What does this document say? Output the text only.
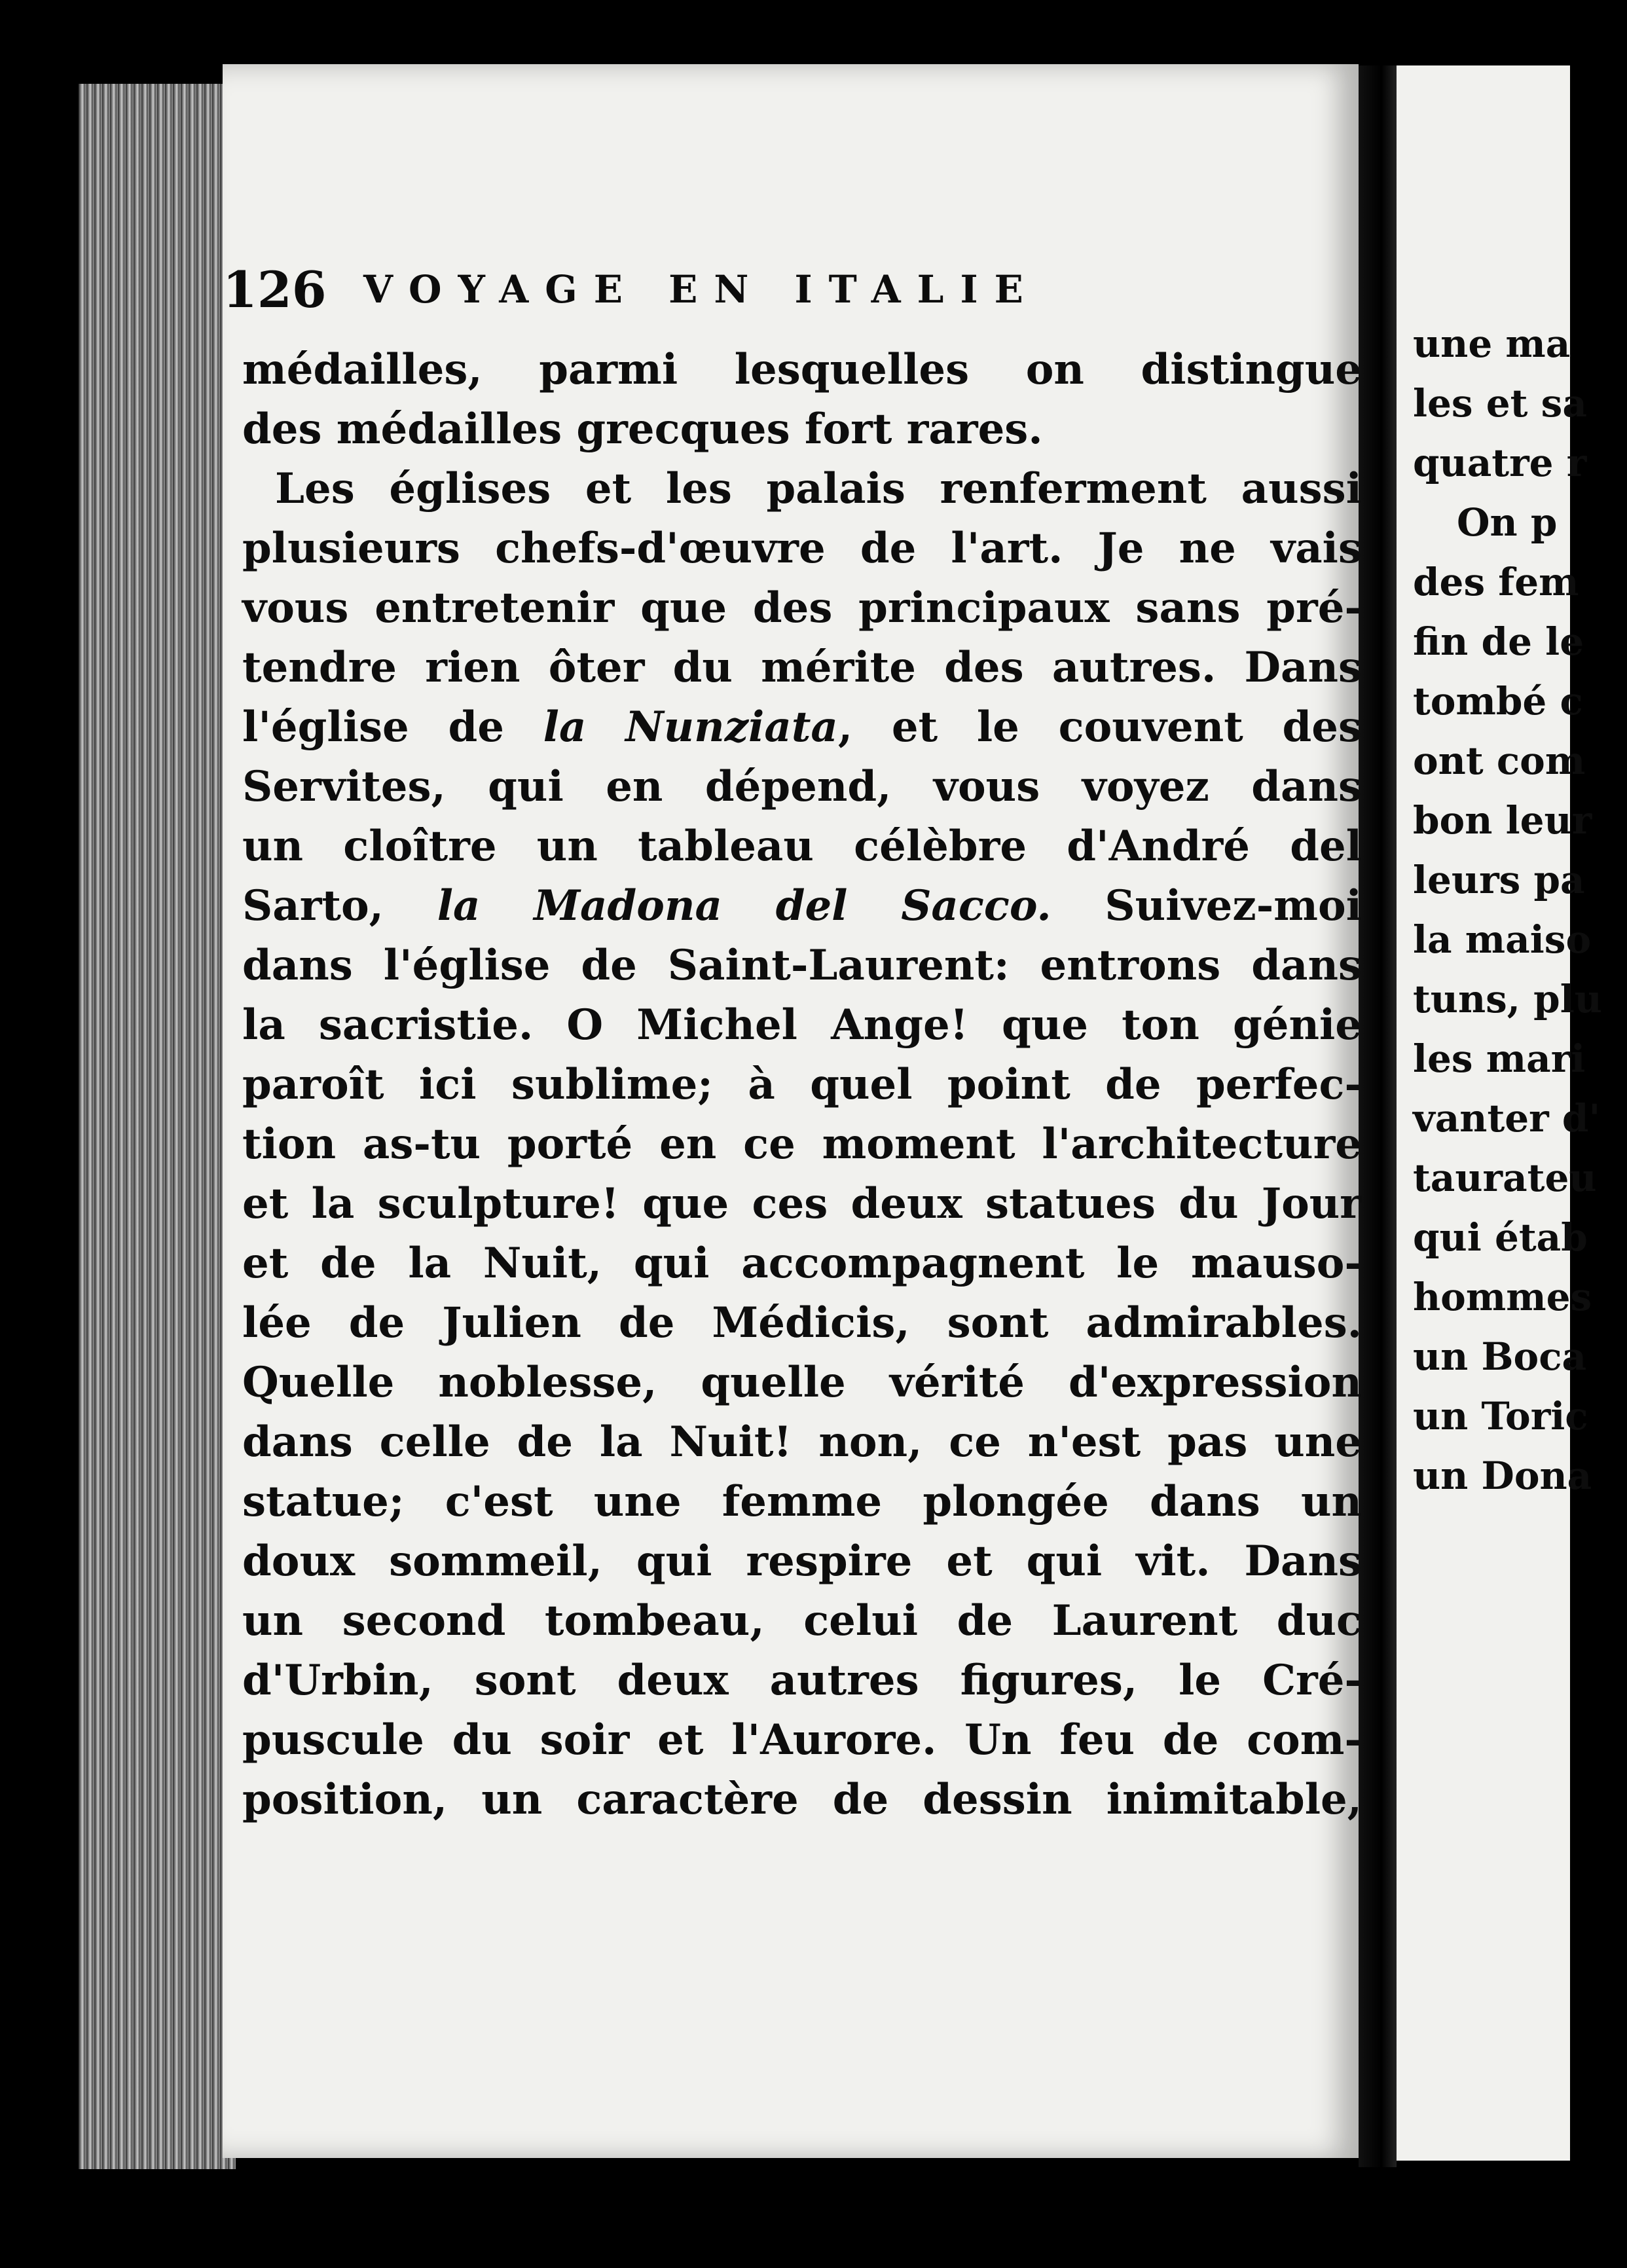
126 VOYAGE EN ITALIE
médailles, parmi lesquelles on distingue
des médailles grecques fort rares.
Les églises et les palais renferment aussi
plusieurs chefs-d'œuvre de l'art. Je ne vais
vous entretenir que des principaux sans pré-
tendre rien ôter du mérite des autres. Dans
l'église de la Nunziata, et le couvent des
Servites, qui en dépend, vous voyez dans
un cloître un tableau célèbre d'André del
Sarto, la Madona del Sacco. Suivez-moi
dans l'église de Saint-Laurent: entrons dans
la sacristie. O Michel Ange! que ton génie
paroît ici sublime; à quel point de perfec-
tion as-tu porté en ce moment l'architecture
et la sculpture! que ces deux statues du Jour
et de la Nuit, qui accompagnent le mauso-
lée de Julien de Médicis, sont admirables.
Quelle noblesse, quelle vérité d'expression
dans celle de la Nuit! non, ce n'est pas une
statue; c'est une femme plongée dans un
doux sommeil, qui respire et qui vit. Dans
un second tombeau, celui de Laurent duc
d'Urbin, sont deux autres figures, le Cré-
puscule du soir et l'Aurore. Un feu de com-
position, un caractère de dessin inimitable,
une ma
les et sa
quatre r
On p
des fem
fin de le
tombé c
ont com
bon leur
leurs pa
la maiso
tuns, plu
les mari
vanter d'
taurateu
qui étab
hommes
un Boca
un Toric
un Dona
